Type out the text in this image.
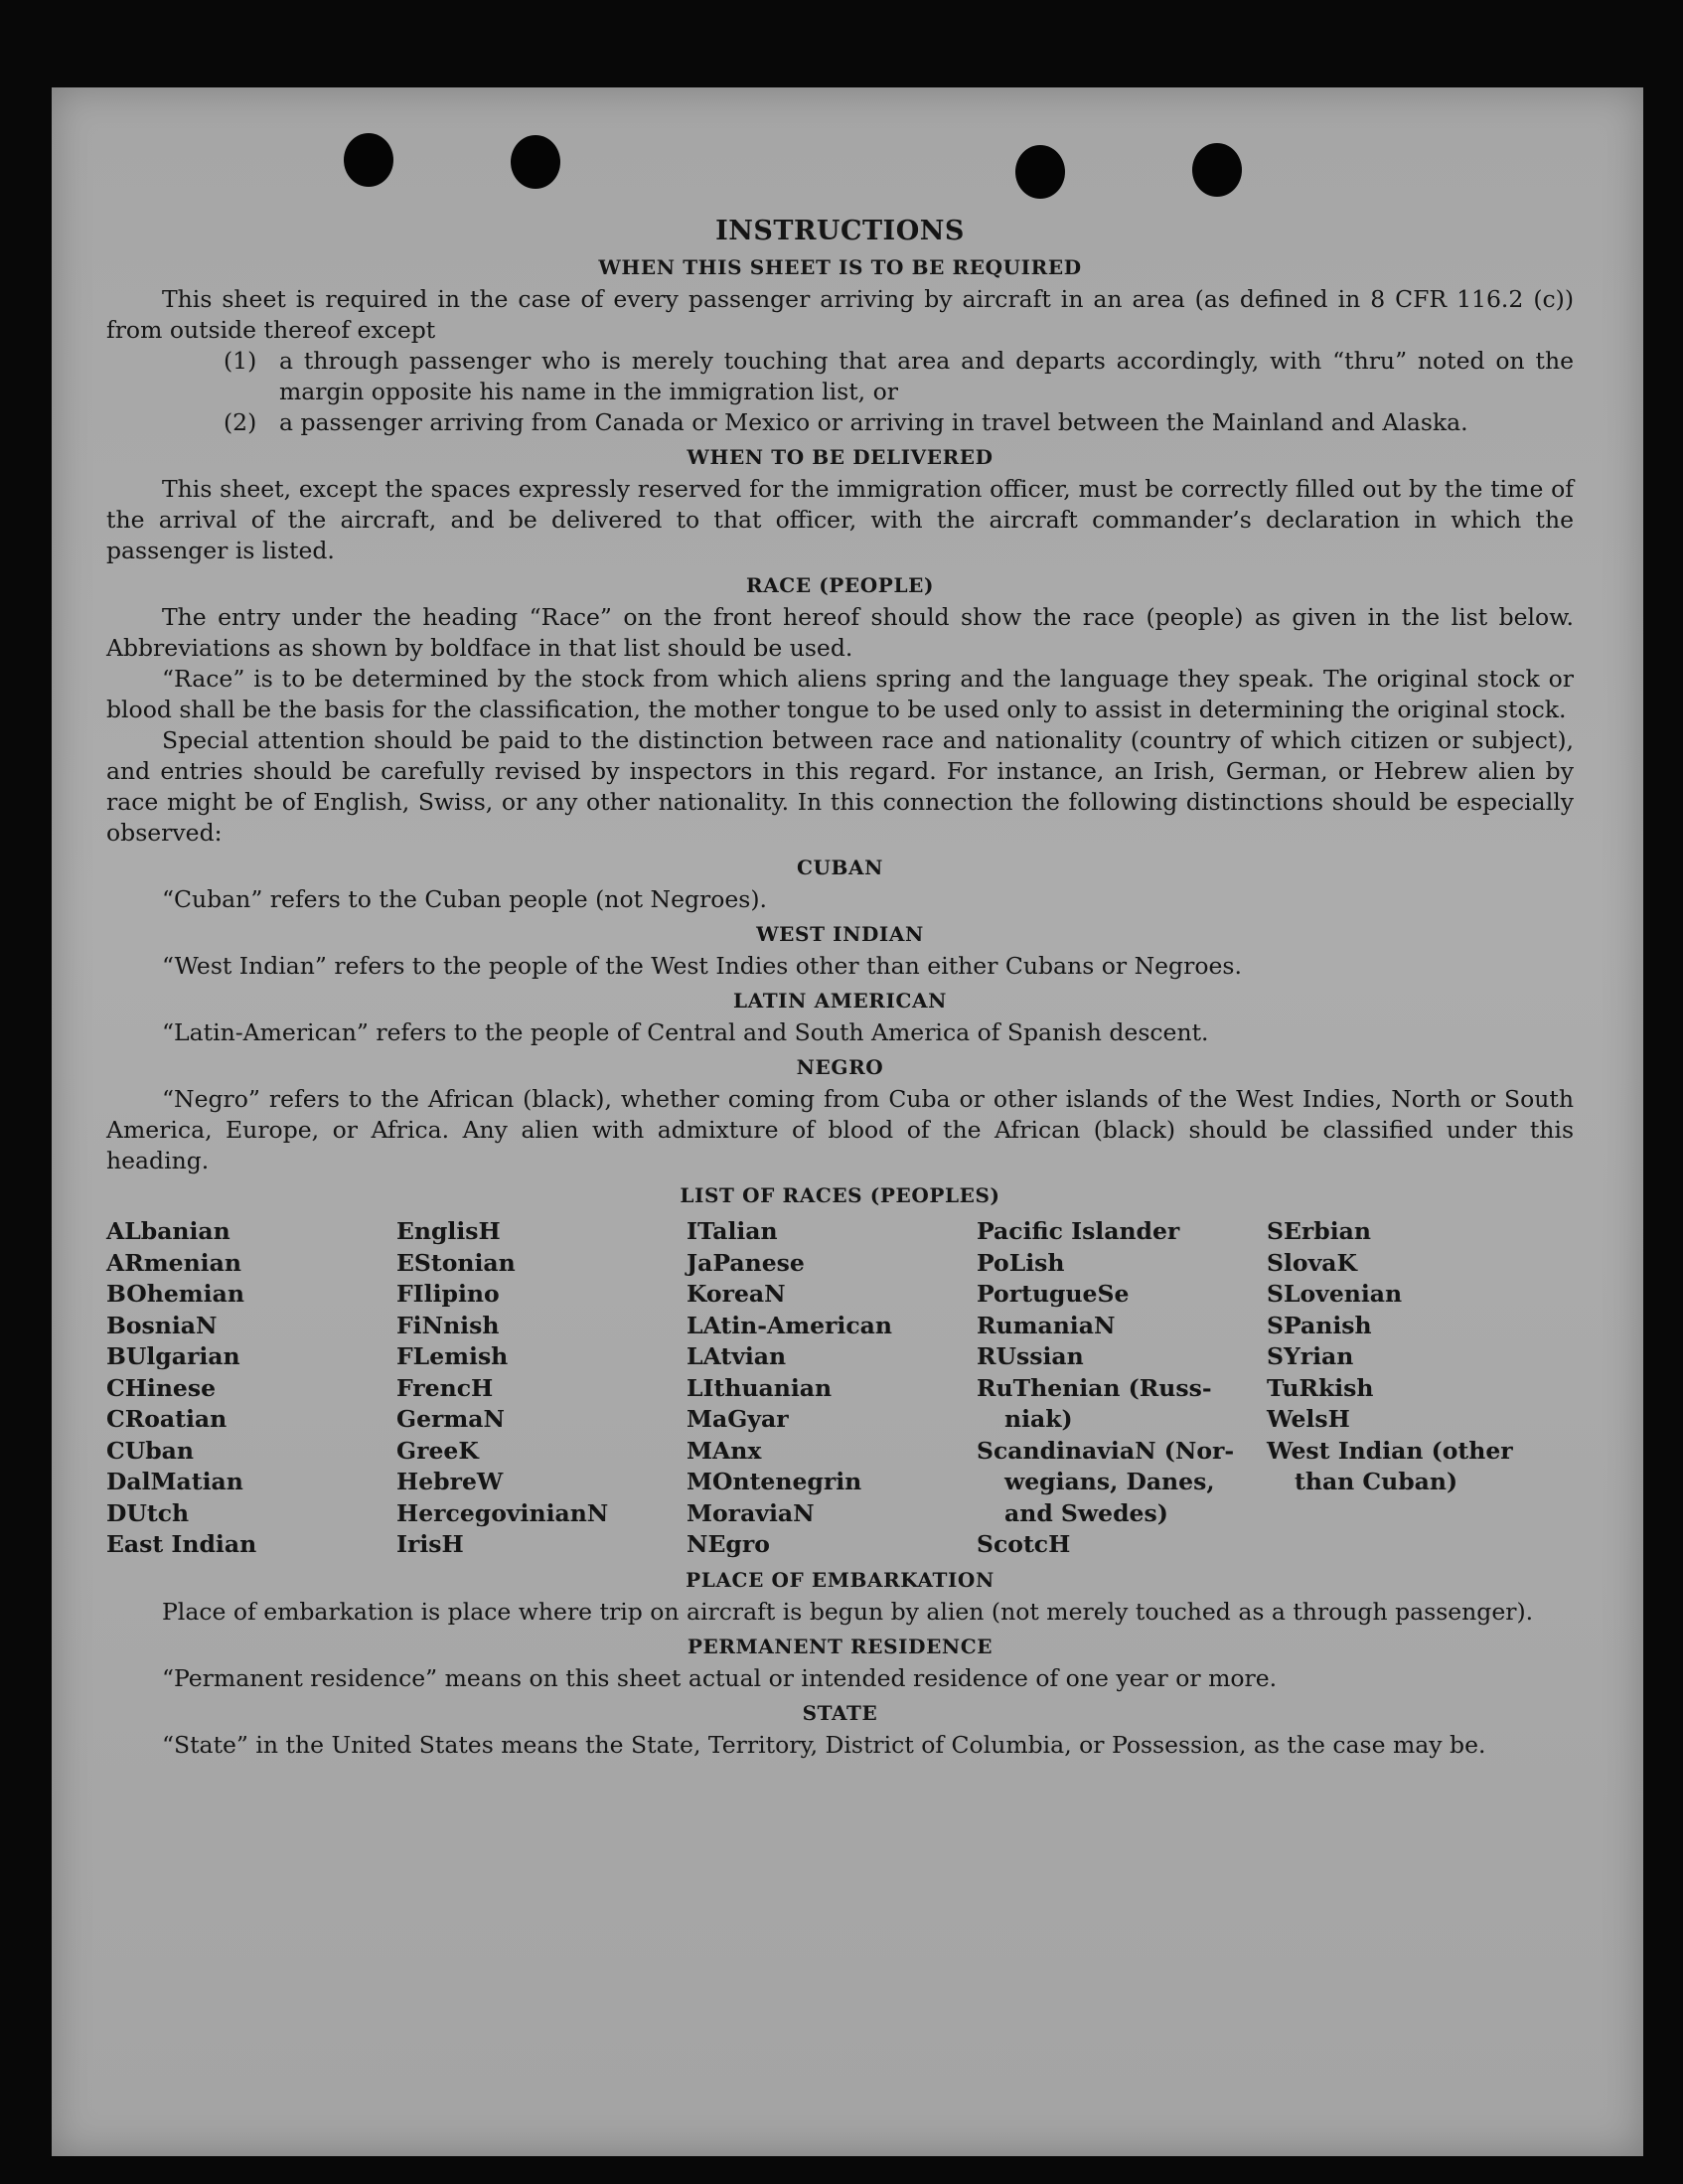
INSTRUCTIONS
WHEN THIS SHEET IS TO BE REQUIRED

This sheet is required in the case of every passenger arriving by aircraft in an area (as defined in 8 CFR 116.2 (c)) from outside thereof except

(1) a through passenger who is merely touching that area and departs accordingly, with “thru” noted on the margin opposite his name in the immigration list, or
(2) a passenger arriving from Canada or Mexico or arriving in travel between the Mainland and Alaska.
WHEN TO BE DELIVERED

This sheet, except the spaces expressly reserved for the immigration officer, must be correctly filled out by the time of the arrival of the aircraft, and be delivered to that officer, with the aircraft commander’s declaration in which the passenger is listed.

RACE (PEOPLE)

The entry under the heading “Race” on the front hereof should show the race (people) as given in the list below. Abbreviations as shown by boldface in that list should be used.

“Race” is to be determined by the stock from which aliens spring and the language they speak. The original stock or blood shall be the basis for the classification, the mother tongue to be used only to assist in determining the original stock.

Special attention should be paid to the distinction between race and nationality (country of which citizen or subject), and entries should be carefully revised by inspectors in this regard. For instance, an Irish, German, or Hebrew alien by race might be of English, Swiss, or any other nationality. In this connection the following distinctions should be especially observed:

CUBAN

“Cuban” refers to the Cuban people (not Negroes).

WEST INDIAN

“West Indian” refers to the people of the West Indies other than either Cubans or Negroes.

LATIN AMERICAN

“Latin-American” refers to the people of Central and South America of Spanish descent.

NEGRO

“Negro” refers to the African (black), whether coming from Cuba or other islands of the West Indies, North or South America, Europe, or Africa. Any alien with admixture of blood of the African (black) should be classified under this heading.

LIST OF RACES (PEOPLES)
ALbanian
ARmenian
BOhemian
BosniaN
BUlgarian
CHinese
CRoatian
CUban
DalMatian
DUtch
East Indian
EnglisH
EStonian
FIlipino
FiNnish
FLemish
FrencH
GermaN
GreeK
HebreW
HercegovinianN
IrisH
ITalian
JaPanese
KoreaN
LAtin-American
LAtvian
LIthuanian
MaGyar
MAnx
MOntenegrin
MoraviaN
NEgro
Pacific Islander
PoLish
PortugueSe
RumaniaN
RUssian
RuThenian (Russ-
niak)
ScandinaviaN (Nor-
wegians, Danes,
and Swedes)
ScotcH
SErbian
SlovaK
SLovenian
SPanish
SYrian
TuRkish
WelsH
West Indian (other
than Cuban)
PLACE OF EMBARKATION

Place of embarkation is place where trip on aircraft is begun by alien (not merely touched as a through passenger).

PERMANENT RESIDENCE

“Permanent residence” means on this sheet actual or intended residence of one year or more.

STATE

“State” in the United States means the State, Territory, District of Columbia, or Possession, as the case may be.
